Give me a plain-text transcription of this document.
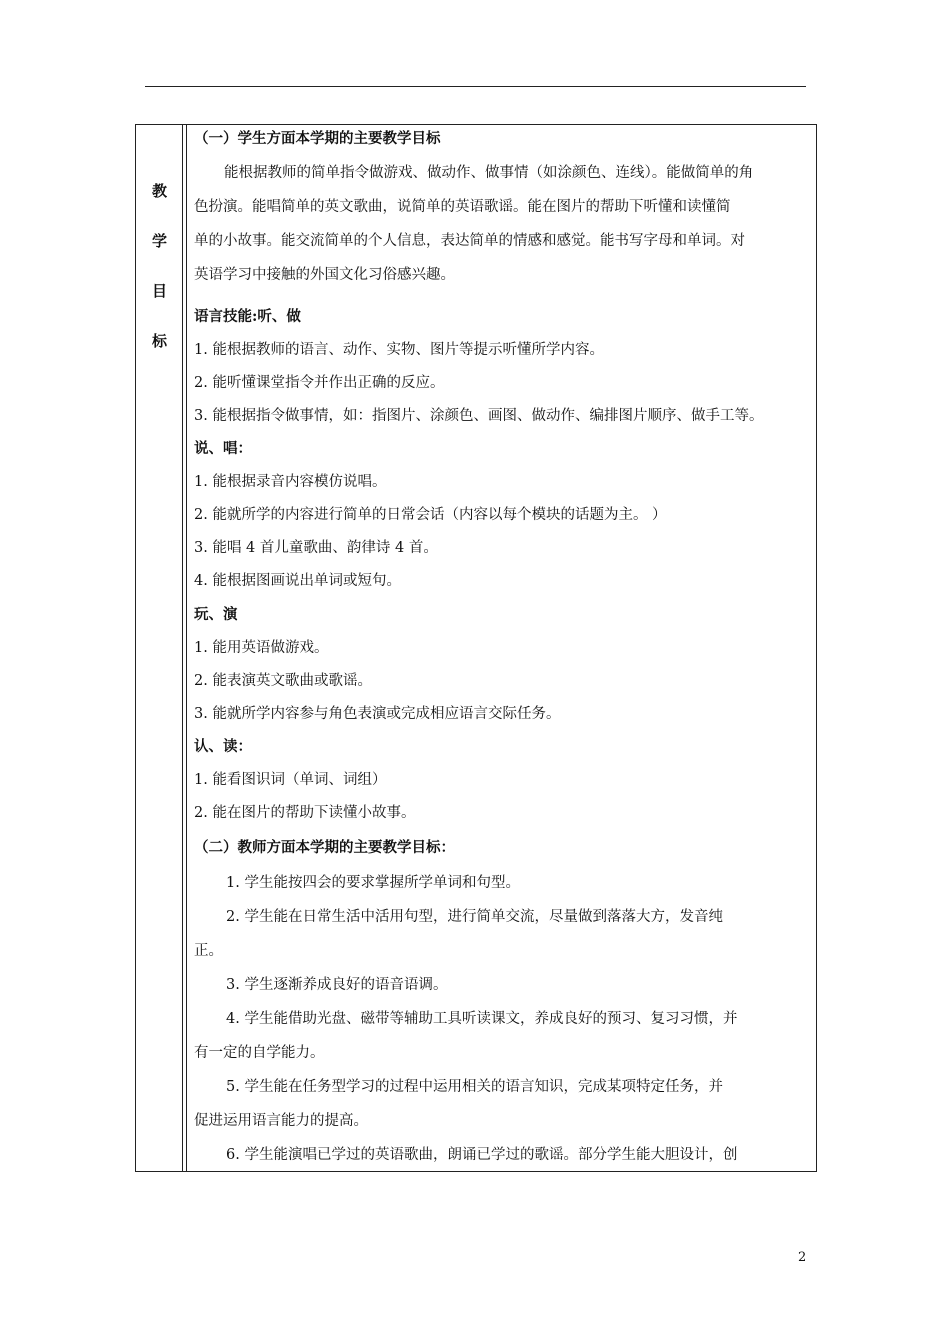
教
学
目
标
（一）学生方面本学期的主要教学目标
能根据教师的简单指令做游戏、做动作、做事情（如涂颜色、连线）。能做简单的角
色扮演。能唱简单的英文歌曲，说简单的英语歌谣。能在图片的帮助下听懂和读懂简
单的小故事。能交流简单的个人信息，表达简单的情感和感觉。能书写字母和单词。对
英语学习中接触的外国文化习俗感兴趣。
语言技能:听、做
1. 能根据教师的语言、动作、实物、图片等提示听懂所学内容。
2. 能听懂课堂指令并作出正确的反应。
3. 能根据指令做事情，如：指图片、涂颜色、画图、做动作、编排图片顺序、做手工等。
说、唱：
1. 能根据录音内容模仿说唱。
2. 能就所学的内容进行简单的日常会话（内容以每个模块的话题为主。 ）
3. 能唱 4 首儿童歌曲、韵律诗 4 首。
4. 能根据图画说出单词或短句。
玩、演
1. 能用英语做游戏。
2. 能表演英文歌曲或歌谣。
3. 能就所学内容参与角色表演或完成相应语言交际任务。
认、读：
1. 能看图识词（单词、词组）
2. 能在图片的帮助下读懂小故事。
（二）教师方面本学期的主要教学目标：
1. 学生能按四会的要求掌握所学单词和句型。
2. 学生能在日常生活中活用句型，进行简单交流，尽量做到落落大方，发音纯
正。
3. 学生逐渐养成良好的语音语调。
4. 学生能借助光盘、磁带等辅助工具听读课文，养成良好的预习、复习习惯，并
有一定的自学能力。
5. 学生能在任务型学习的过程中运用相关的语言知识，完成某项特定任务，并
促进运用语言能力的提高。
6. 学生能演唱已学过的英语歌曲，朗诵已学过的歌谣。部分学生能大胆设计，创
2
